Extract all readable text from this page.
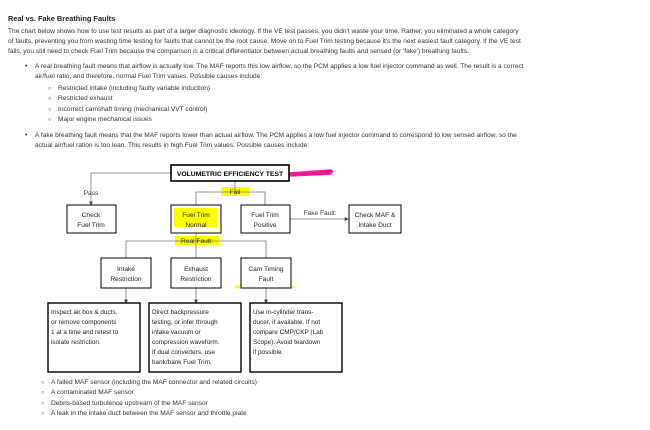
Real vs. Fake Breathing Faults
The chart below shows how to use test results as part of a larger diagnostic ideology. If the VE test passes, you didn't waste your time. Rather, you eliminated a whole category
of faults, preventing you from wasting time testing for faults that cannot be the root cause. Move on to Fuel Trim testing because it's the next easiest fault category. If the VE test
fails, you still need to check Fuel Trim because the comparison is a critical differentiator between actual breathing faults and sensed (or 'fake') breathing faults.
• A real breathing fault means that airflow is actually low. The MAF reports this low airflow, so the PCM applies a low fuel injector command as well. The result is a correct
air/fuel ratio, and therefore, normal Fuel Trim values. Possible causes include:
○ Restricted intake (including faulty variable induction)
○ Restricted exhaust
○ Incorrect camshaft timing (mechanical VVT control)
○ Major engine mechanical issues
• A fake breathing fault means that the MAF reports lower than actual airflow. The PCM applies a low fuel injector command to correspond to low sensed airflow, so the
actual air/fuel ration is too lean. This results in high Fuel Trim values. Possible causes include:
VOLUMETRIC EFFICIENCY TEST
Pass	Fail
Check
Fuel Trim
Fuel Trim
Normal
Fuel Trim
Positive
Fake Fault:	Check MAF &
Intake Duct
Real Fault:
Intake
Restriction
Exhaust
Restriction
Cam Timing
Fault
Inspect air box & ducts,
or remove components
1 at a time and retest to
isolate restriction.
Direct backpressure
testing, or infer through
intake vacuum or
compression waveform.
If dual converters, use
bank/bank Fuel Trim.
Use in-cylinder trans-
ducer, if available. If not
compare CMP/CKP (Lab
Scope). Avoid teardown
if possible.
○ A failed MAF sensor (including the MAF connector and related circuits)
○ A contaminated MAF sensor
○ Debris-based turbulence upstream of the MAF sensor
○ A leak in the intake duct between the MAF sensor and throttle plate
